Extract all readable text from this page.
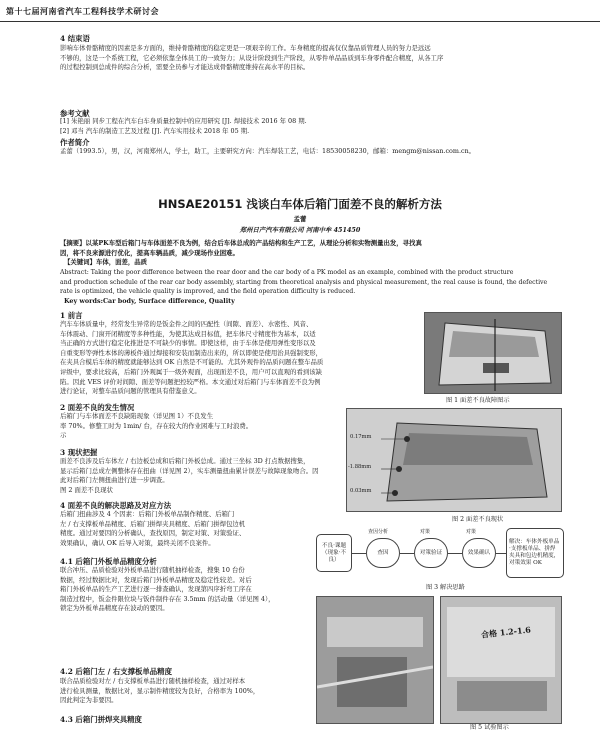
第十七届河南省汽车工程科技学术研讨会
4 结束语
影响车体骨骼精度的因素是多方面的，维持骨骼精度的稳定更是一项艰辛的工作。车身精度的提高仅仅靠品质管理人员的努力是远远
不够的，这是一个系统工程，它必须依靠全体员工的一致努力；从设计阶段到生产阶段，从零件单品品质到车身零件配合精度，从各工序
的过程控制到总成件的综合分析，需要全员参与才能达成骨骼精度维持在高水平的目标。
参考文献
[1] 朱艳丽 同步工程在汽车白车身质量控制中的应用研究 [J]. 焊接技术 2016 年 08 期.
[2] 邓当 汽车的制造工艺及过程 [J]. 汽车实用技术 2018 年 05 期.
作者简介
孟蕾（1993.5），男，汉，河南郑州人，学士，助工，主要研究方向：汽车焊装工艺，电话：18530058230，邮箱：mengm@nissan.com.cn。
HNSAE20151 浅谈白车体后箱门面差不良的解析方法
孟蕾
郑州日产汽车有限公司 河南中牟 451450
【摘要】以某PK车型后箱门与车体面差不良为例，结合后车体总成的产品结构和生产工艺，从理论分析和实物测量出发，寻找真
因，将不良来源进行优化，提高车辆品质，减少现场作业困难。
【关键词】车体，面差，品质
Abstract: Taking the poor difference between the rear door and the car body of a PK model as an example, combined with the product structure
and production schedule of the rear car body assembly, starting from theoretical analysis and physical measurement, the real cause is found, the defective
rate is optimized, the vehicle quality is improved, and the field operation difficulty is reduced.
Key words:Car body, Surface difference, Quality
1 前言
汽车车体质量中，经常发生异常的是钣金件之间的匹配性（间隙、面差）、水密性、风音、
车体震动、门窗开闭精度等多种性能，为使其达成目标值，把车体尺寸精度作为基本，以适
当正确的方式进行稳定化推进是不可缺少的事情。即使这样，由于车体是使用弹性变形以及
自重变形等弹性本体的薄板件通过焊接和安装而制造出来的，所以即使是使用治具强制变形，
在夹具合模后车体的精度就能够达到 OK 自然是不可能的。尤其外观件的品质问题在整车品质
评级中，要求比较高，后箱门外观属于一级外观面，出现面差不良，用户可以直观的看到该缺
陷。因此 VES 评价对间隙、面差等问题把控较严格。本文通过对后箱门与车体面差不良为例
进行论证，对整车品质问题的管理具有借鉴意义。
2 面差不良的发生情况
后箱门与车体面差不良缺陷现象（详见图 1）不良发生
率 70%。修整工时为 1min/ 台，存在较大的作业困难与工时浪费。
示
3 现状把握
面差不良涉及后车体左 / 右边板总成和后箱门外板总成。通过三坐标 3D 打点数据搜集，
显示后箱门总成左侧整体存在扭曲（详见图 2），实车测量扭曲累计误差与故障现象吻合。因
此对后箱门左侧扭曲进行进一步调查。
图 2 面差不良现状
4 面差不良的解决思路及对应方法
后箱门扭曲涉及 4 个因素：后箱门外板单品制作精度、后箱门
左 / 右支撑板单品精度、后箱门拼焊夹具精度、后箱门拼焊包边机
精度。通过对要因的分析确认，查找原因，制定对策、对策验证、
效果确认，确认 OK 后导入对策，最终关闭不良案件。
4.1 后箱门外板单品精度分析
联合冲压、品质检验对外板单品进行随机抽样检查，搜集 10 台份
数据，经过数据比对，发现后箱门外板单品精度及稳定性较差。对后
箱门外板单品的生产工艺进行逐一排查确认，发现第四序折弯工序在
制造过程中，钣金件限位块与钣件制件存在 3.5mm 的活动量（详见图 4），
锁定为外板单品精度存在波动的要因。
4.2 后箱门左 / 右支撑板单品精度
联合品质检验对左 / 右支撑板单品进行随机抽样检查，通过对样本
进行检具测量，数据比对，显示制件精度较为良好，合格率为 100%，
因此判定为非要因。
4.3 后箱门拼焊夹具精度
图 1 面差不良故障图示
0.17mm
-1.88mm
0.03mm
图 2 面差不良现状
不良·课题（现象·不良）
查因
查因分析
对策验证
对策
效果确认
对策
解决：车体外板单品·支撑板单品、拼焊夹具和包边机精度，对策效果 OK
图 3 解决思路
合格 1.2-1.6
图 5 试验图示
